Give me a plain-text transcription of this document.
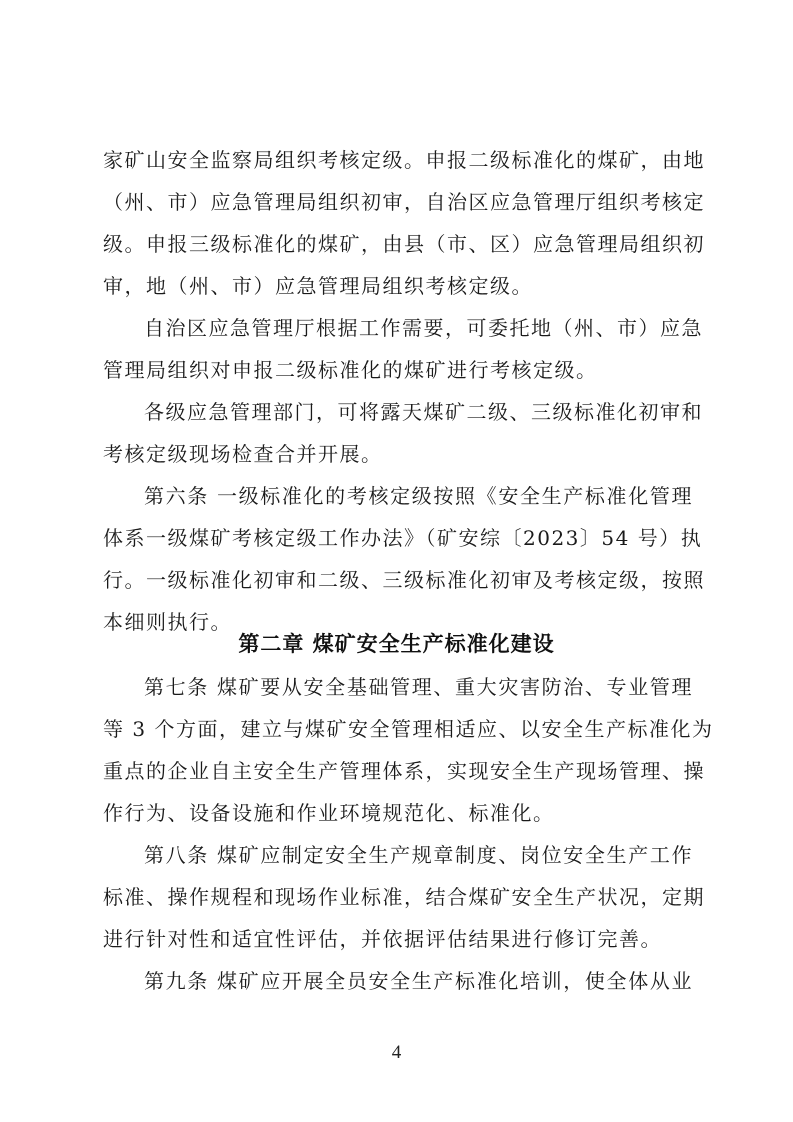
家矿山安全监察局组织考核定级。申报二级标准化的煤矿，由地
（州、市）应急管理局组织初审，自治区应急管理厅组织考核定
级。申报三级标准化的煤矿，由县（市、区）应急管理局组织初
审，地（州、市）应急管理局组织考核定级。
自治区应急管理厅根据工作需要，可委托地（州、市）应急
管理局组织对申报二级标准化的煤矿进行考核定级。
各级应急管理部门，可将露天煤矿二级、三级标准化初审和
考核定级现场检查合并开展。
第六条 一级标准化的考核定级按照《安全生产标准化管理
体系一级煤矿考核定级工作办法》（矿安综〔2023〕54 号）执
行。一级标准化初审和二级、三级标准化初审及考核定级，按照
本细则执行。
第二章 煤矿安全生产标准化建设
第七条 煤矿要从安全基础管理、重大灾害防治、专业管理
等 3 个方面，建立与煤矿安全管理相适应、以安全生产标准化为
重点的企业自主安全生产管理体系，实现安全生产现场管理、操
作行为、设备设施和作业环境规范化、标准化。
第八条 煤矿应制定安全生产规章制度、岗位安全生产工作
标准、操作规程和现场作业标准，结合煤矿安全生产状况，定期
进行针对性和适宜性评估，并依据评估结果进行修订完善。
第九条 煤矿应开展全员安全生产标准化培训，使全体从业
4
